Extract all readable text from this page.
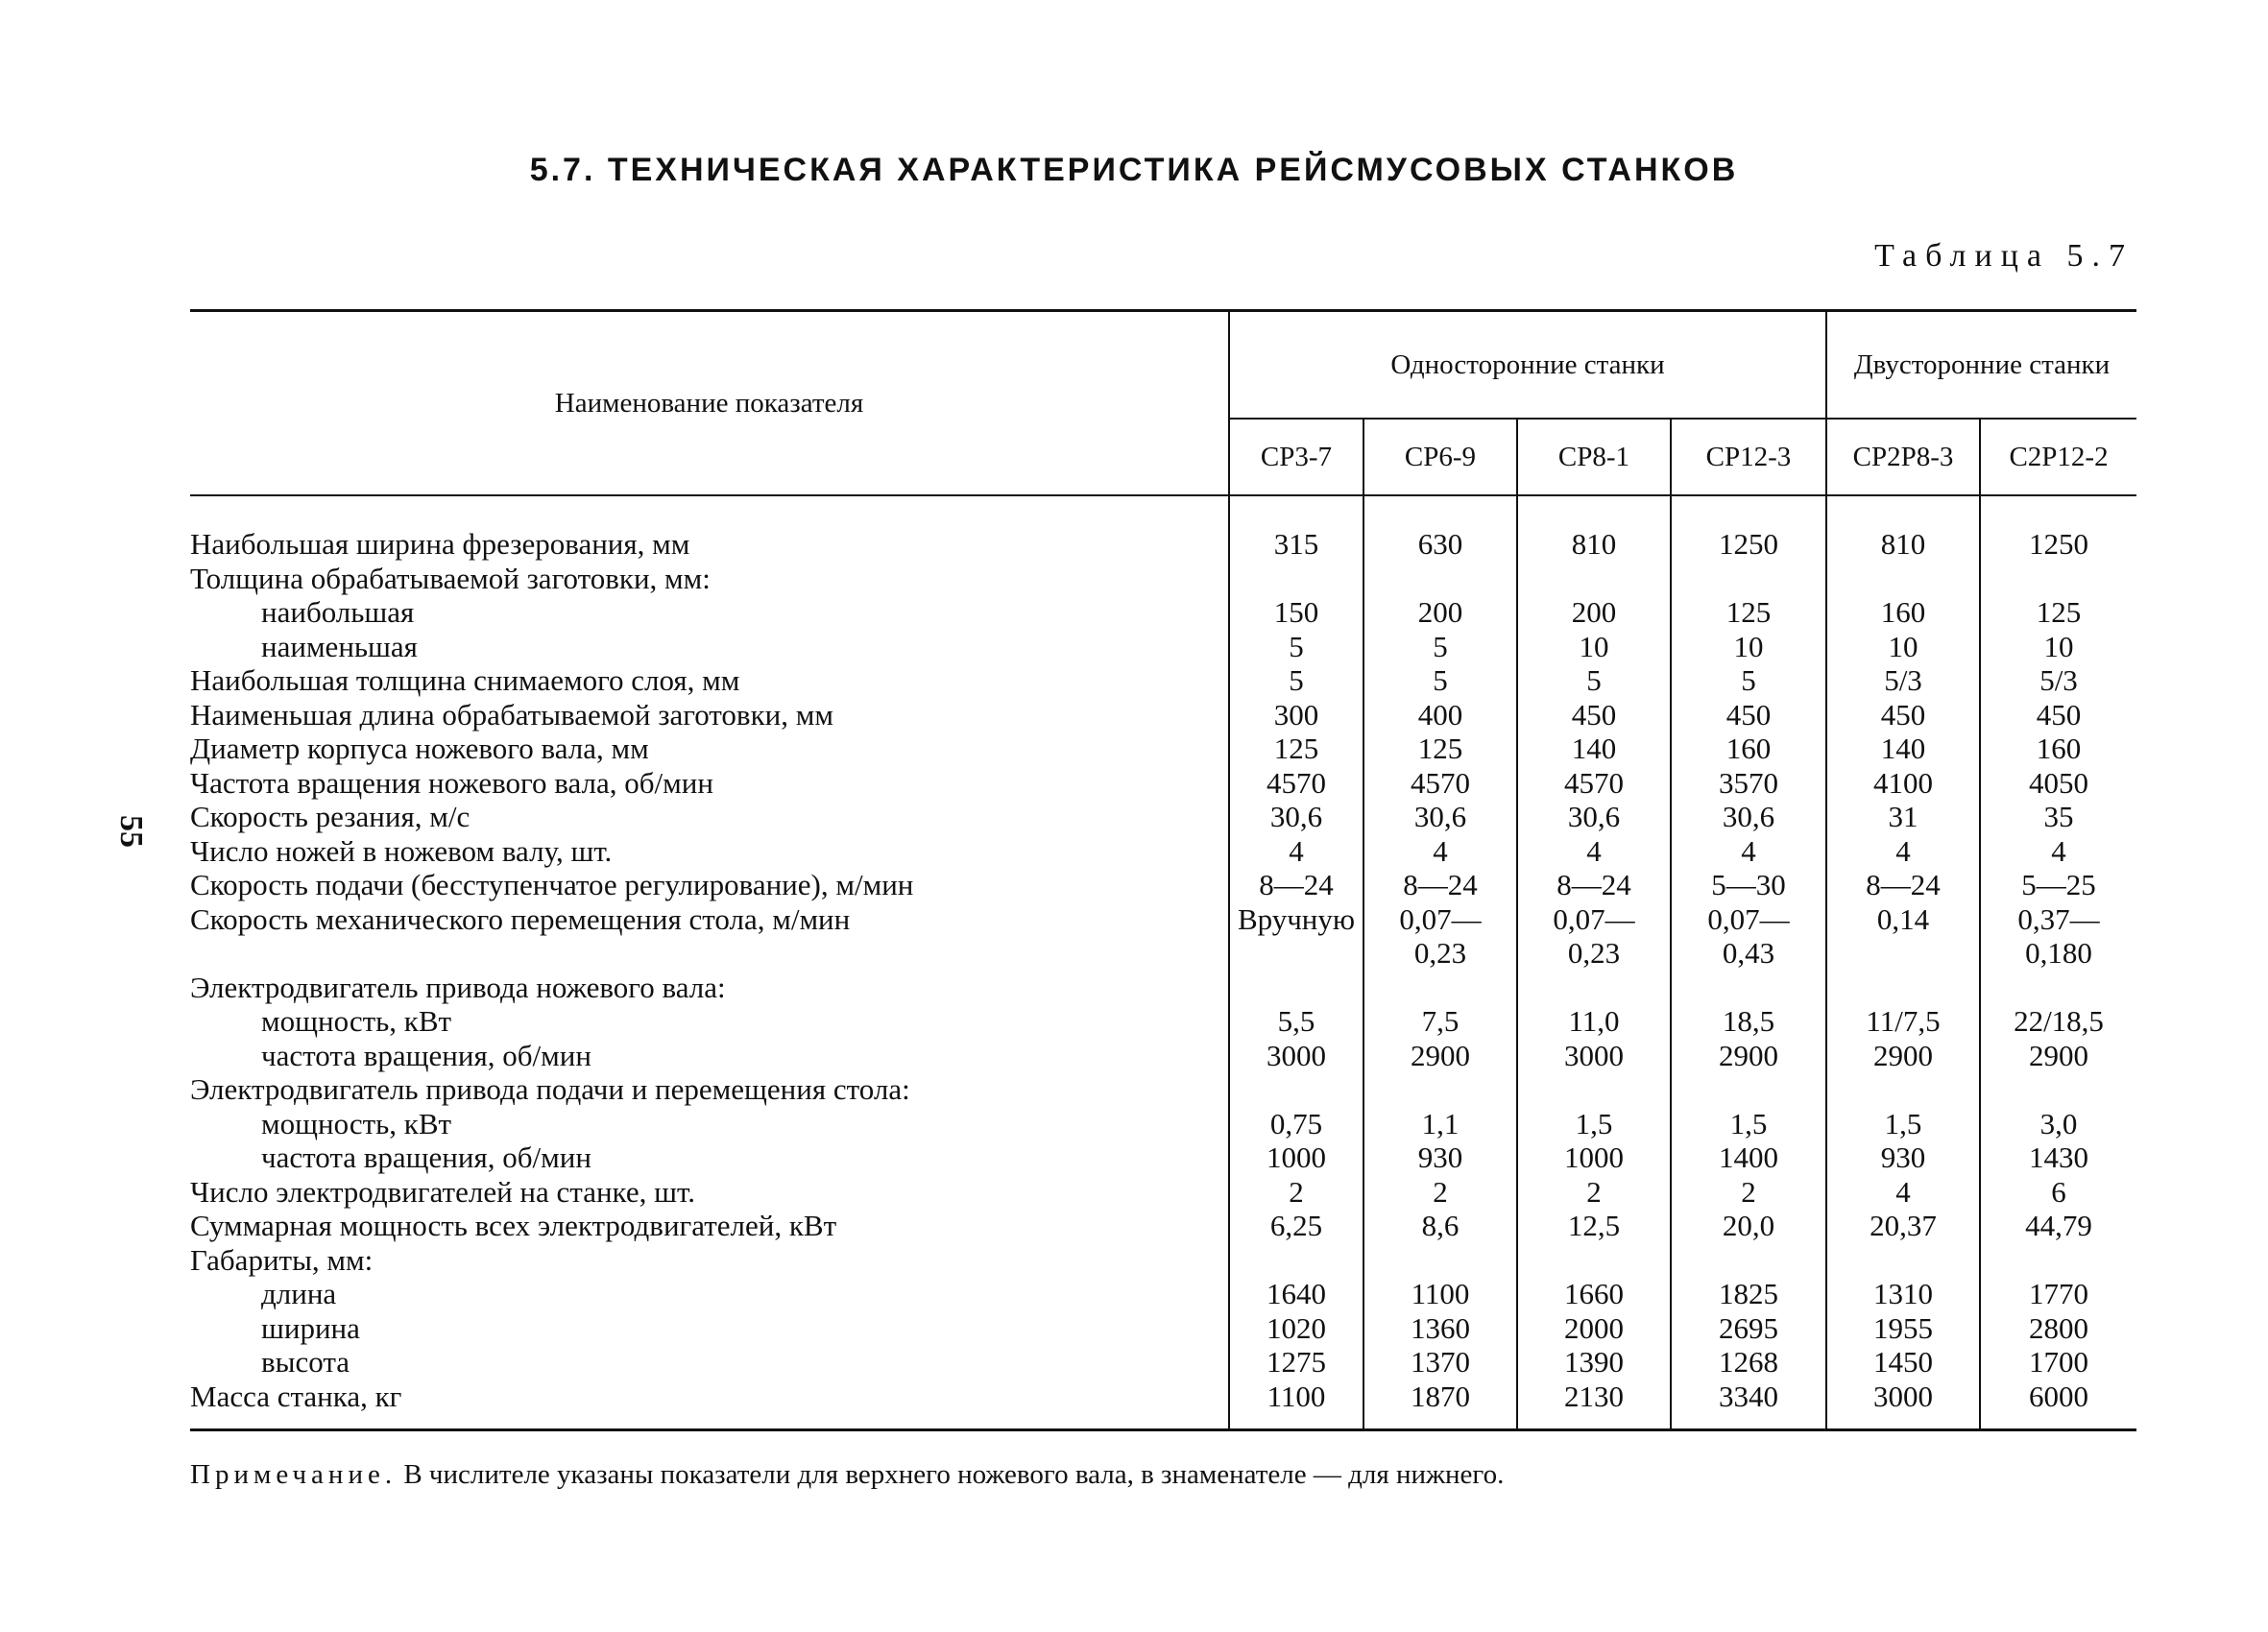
5.7. ТЕХНИЧЕСКАЯ ХАРАКТЕРИСТИКА РЕЙСМУСОВЫХ СТАНКОВ
Таблица 5.7
55
Наименование показателя	Односторонние станки				Двусторонние станки	
	СР3-7	СР6-9	СР8-1	СР12-3	СР2Р8-3	С2Р12-2

Наибольшая ширина фрезерования, мм	315	630	810	1250	810	1250
Толщина обрабатываемой заготовки, мм:						
наибольшая	150	200	200	125	160	125
наименьшая	5	5	10	10	10	10
Наибольшая толщина снимаемого слоя, мм	5	5	5	5	5/3	5/3
Наименьшая длина обрабатываемой заготовки, мм	300	400	450	450	450	450
Диаметр корпуса ножевого вала, мм	125	125	140	160	140	160
Частота вращения ножевого вала, об/мин	4570	4570	4570	3570	4100	4050
Скорость резания, м/с	30,6	30,6	30,6	30,6	31	35
Число ножей в ножевом валу, шт.	4	4	4	4	4	4
Скорость подачи (бесступенчатое регулирование), м/мин	8—24	8—24	8—24	5—30	8—24	5—25
Скорость механического перемещения стола, м/мин	Вручную	0,07—	0,07—	0,07—	0,14	0,37—
		0,23	0,23	0,43		0,180
Электродвигатель привода ножевого вала:						
мощность, кВт	5,5	7,5	11,0	18,5	11/7,5	22/18,5
частота вращения, об/мин	3000	2900	3000	2900	2900	2900
Электродвигатель привода подачи и перемещения стола:						
мощность, кВт	0,75	1,1	1,5	1,5	1,5	3,0
частота вращения, об/мин	1000	930	1000	1400	930	1430
Число электродвигателей на станке, шт.	2	2	2	2	4	6
Суммарная мощность всех электродвигателей, кВт	6,25	8,6	12,5	20,0	20,37	44,79
Габариты, мм:						
длина	1640	1100	1660	1825	1310	1770
ширина	1020	1360	2000	2695	1955	2800
высота	1275	1370	1390	1268	1450	1700
Масса станка, кг	1100	1870	2130	3340	3000	6000
Примечание. В числителе указаны показатели для верхнего ножевого вала, в знаменателе — для нижнего.
